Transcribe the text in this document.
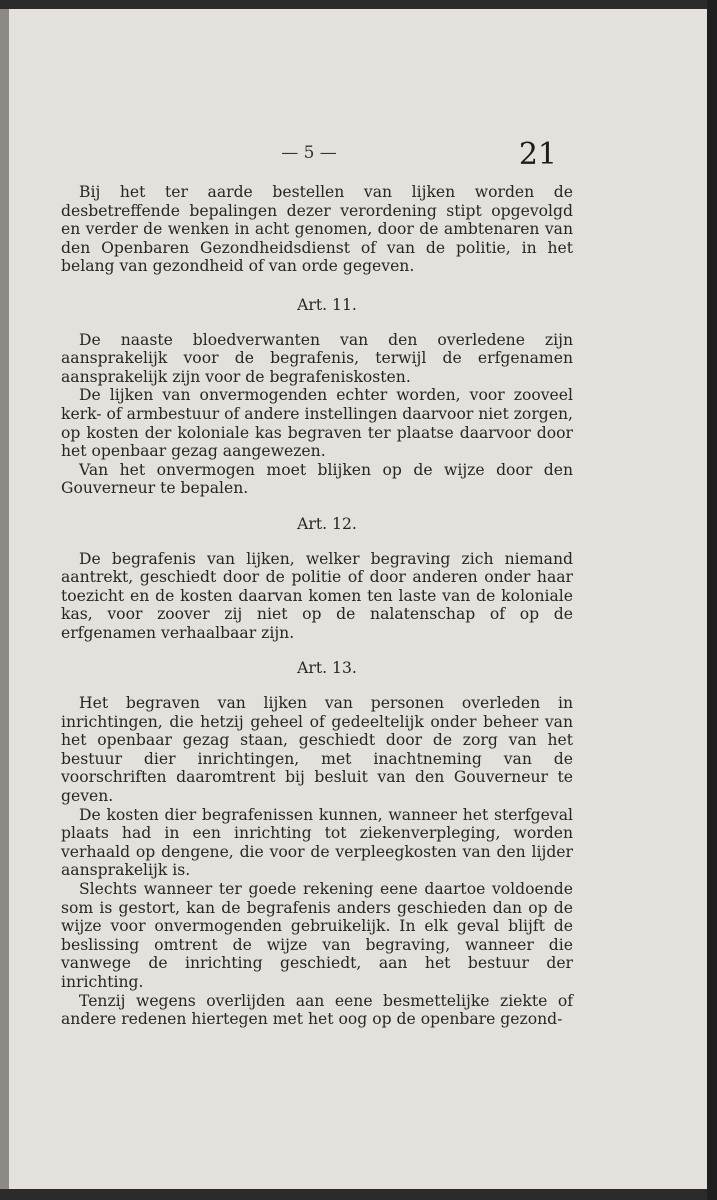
— 5 —	21

Bij het ter aarde bestellen van lijken worden de desbetreffende bepalingen dezer verordening stipt opgevolgd en verder de wenken in acht genomen, door de ambtenaren van den Openbaren Gezondheidsdienst of van de politie, in het belang van gezondheid of van orde gegeven.

Art. 11.

De naaste bloedverwanten van den overledene zijn aansprakelijk voor de begrafenis, terwijl de erfgenamen aansprakelijk zijn voor de begrafeniskosten.

De lijken van onvermogenden echter worden, voor zooveel kerk- of armbestuur of andere instellingen daarvoor niet zorgen, op kosten der koloniale kas begraven ter plaatse daarvoor door het openbaar gezag aangewezen.

Van het onvermogen moet blijken op de wijze door den Gouverneur te bepalen.

Art. 12.

De begrafenis van lijken, welker begraving zich niemand aantrekt, geschiedt door de politie of door anderen onder haar toezicht en de kosten daarvan komen ten laste van de koloniale kas, voor zoover zij niet op de nalatenschap of op de erfgenamen verhaalbaar zijn.

Art. 13.

Het begraven van lijken van personen overleden in inrichtingen, die hetzij geheel of gedeeltelijk onder beheer van het openbaar gezag staan, geschiedt door de zorg van het bestuur dier inrichtingen, met inachtneming van de voorschriften daaromtrent bij besluit van den Gouverneur te geven.

De kosten dier begrafenissen kunnen, wanneer het sterfgeval plaats had in een inrichting tot ziekenverpleging, worden verhaald op dengene, die voor de verpleegkosten van den lijder aansprakelijk is.

Slechts wanneer ter goede rekening eene daartoe voldoende som is gestort, kan de begrafenis anders geschieden dan op de wijze voor onvermogenden gebruikelijk. In elk geval blijft de beslissing omtrent de wijze van begraving, wanneer die vanwege de inrichting geschiedt, aan het bestuur der inrichting.

Tenzij wegens overlijden aan eene besmettelijke ziekte of andere redenen hiertegen met het oog op de openbare gezond-
